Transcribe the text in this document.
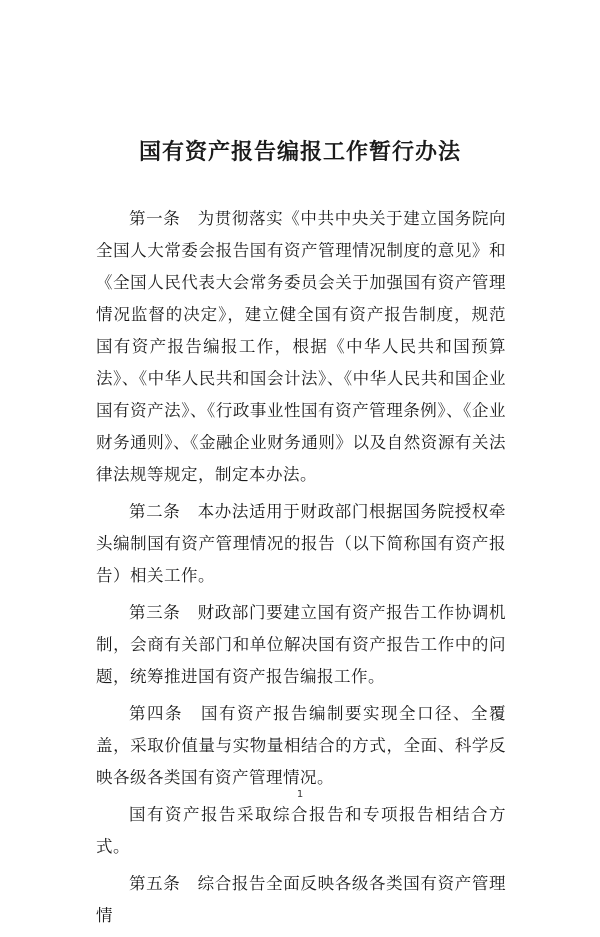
国有资产报告编报工作暂行办法

第一条　为贯彻落实《中共中央关于建立国务院向全国人大常委会报告国有资产管理情况制度的意见》和《全国人民代表大会常务委员会关于加强国有资产管理情况监督的决定》，建立健全国有资产报告制度，规范国有资产报告编报工作，根据《中华人民共和国预算法》、《中华人民共和国会计法》、《中华人民共和国企业国有资产法》、《行政事业性国有资产管理条例》、《企业财务通则》、《金融企业财务通则》以及自然资源有关法律法规等规定，制定本办法。

第二条　本办法适用于财政部门根据国务院授权牵头编制国有资产管理情况的报告（以下简称国有资产报告）相关工作。

第三条　财政部门要建立国有资产报告工作协调机制，会商有关部门和单位解决国有资产报告工作中的问题，统筹推进国有资产报告编报工作。

第四条　国有资产报告编制要实现全口径、全覆盖，采取价值量与实物量相结合的方式，全面、科学反映各级各类国有资产管理情况。

国有资产报告采取综合报告和专项报告相结合方式。

第五条　综合报告全面反映各级各类国有资产管理情

1
